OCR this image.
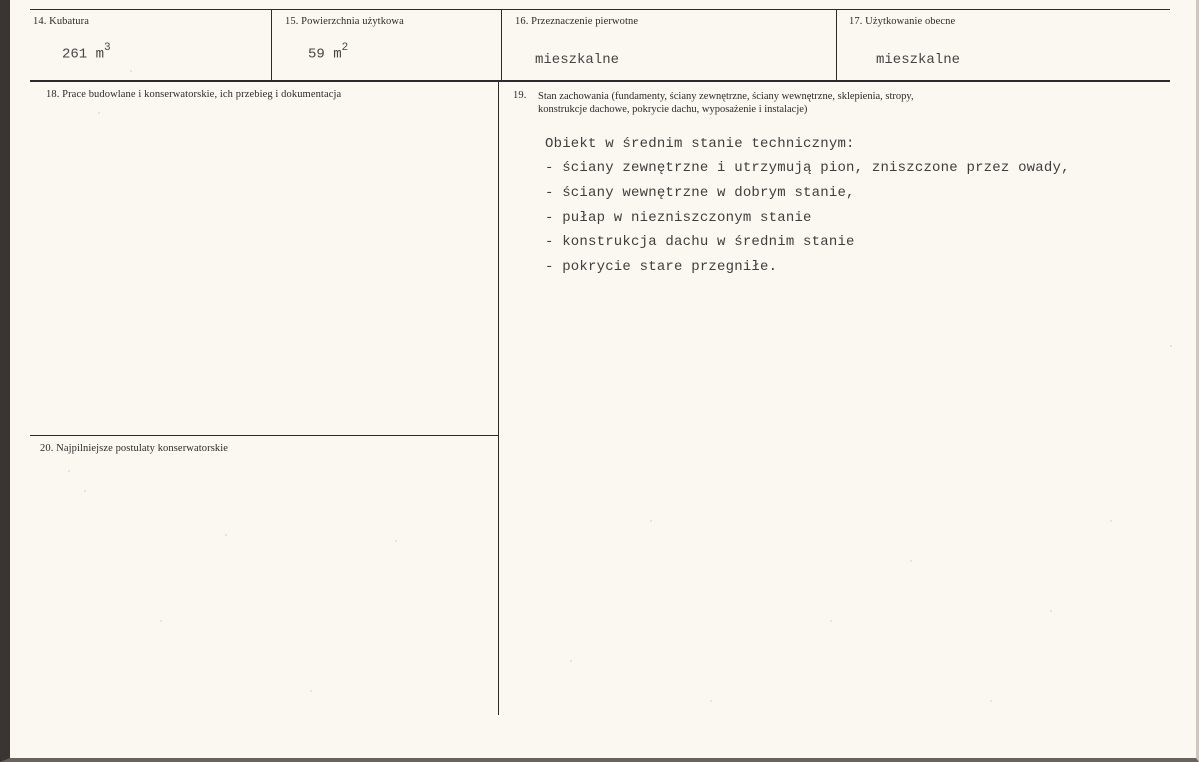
14. Kubatura
261 $m^3$
15. Powierzchnia użytkowa
59 $m^2$
16. Przeznaczenie pierwotne
mieszkalne
17. Użytkowanie obecne
mieszkalne
18. Prace budowlane i konserwatorskie, ich przebieg i dokumentacja	19. Stan zachowania (fundamenty, ściany zewnętrzne, ściany wewnętrzne, sklepienia, stropy,
konstrukcje dachowe, pokrycie dachu, wyposażenie i instalacje)
Obiekt w średnim stanie technicznym:
- ściany zewnętrzne i utrzymują pion, zniszczone przez owady,
- ściany wewnętrzne w dobrym stanie,
- pułap w niezniszczonym stanie
- konstrukcja dachu w średnim stanie
- pokrycie stare przegniłe.
20. Najpilniejsze postulaty konserwatorskie
